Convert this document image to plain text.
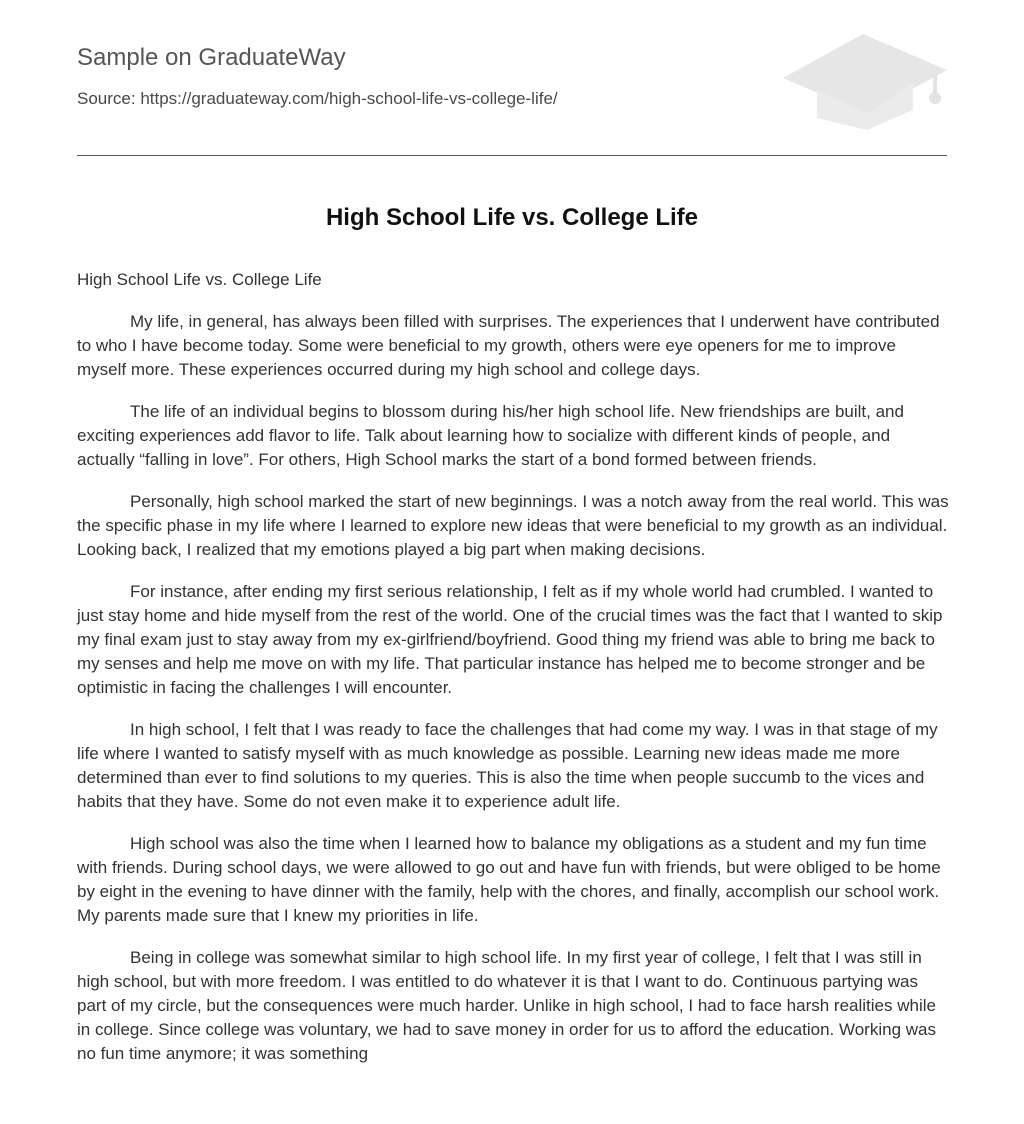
Sample on GraduateWay
Source: https://graduateway.com/high-school-life-vs-college-life/
High School Life vs. College Life

High School Life vs. College Life

My life, in general, has always been filled with surprises. The experiences that I underwent have contributed to who I have become today. Some were beneficial to my growth, others were eye openers for me to improve myself more. These experiences occurred during my high school and college days.

The life of an individual begins to blossom during his/her high school life. New friendships are built, and exciting experiences add flavor to life. Talk about learning how to socialize with different kinds of people, and actually “falling in love”. For others, High School marks the start of a bond formed between friends.

Personally, high school marked the start of new beginnings. I was a notch away from the real world. This was the specific phase in my life where I learned to explore new ideas that were beneficial to my growth as an individual. Looking back, I realized that my emotions played a big part when making decisions.

For instance, after ending my first serious relationship, I felt as if my whole world had crumbled. I wanted to just stay home and hide myself from the rest of the world. One of the crucial times was the fact that I wanted to skip my final exam just to stay away from my ex-girlfriend/boyfriend. Good thing my friend was able to bring me back to my senses and help me move on with my life. That particular instance has helped me to become stronger and be optimistic in facing the challenges I will encounter.

In high school, I felt that I was ready to face the challenges that had come my way. I was in that stage of my life where I wanted to satisfy myself with as much knowledge as possible. Learning new ideas made me more determined than ever to find solutions to my queries. This is also the time when people succumb to the vices and habits that they have. Some do not even make it to experience adult life.

High school was also the time when I learned how to balance my obligations as a student and my fun time with friends. During school days, we were allowed to go out and have fun with friends, but were obliged to be home by eight in the evening to have dinner with the family, help with the chores, and finally, accomplish our school work. My parents made sure that I knew my priorities in life.

Being in college was somewhat similar to high school life. In my first year of college, I felt that I was still in high school, but with more freedom. I was entitled to do whatever it is that I want to do. Continuous partying was part of my circle, but the consequences were much harder. Unlike in high school, I had to face harsh realities while in college. Since college was voluntary, we had to save money in order for us to afford the education. Working was no fun time anymore; it was something
